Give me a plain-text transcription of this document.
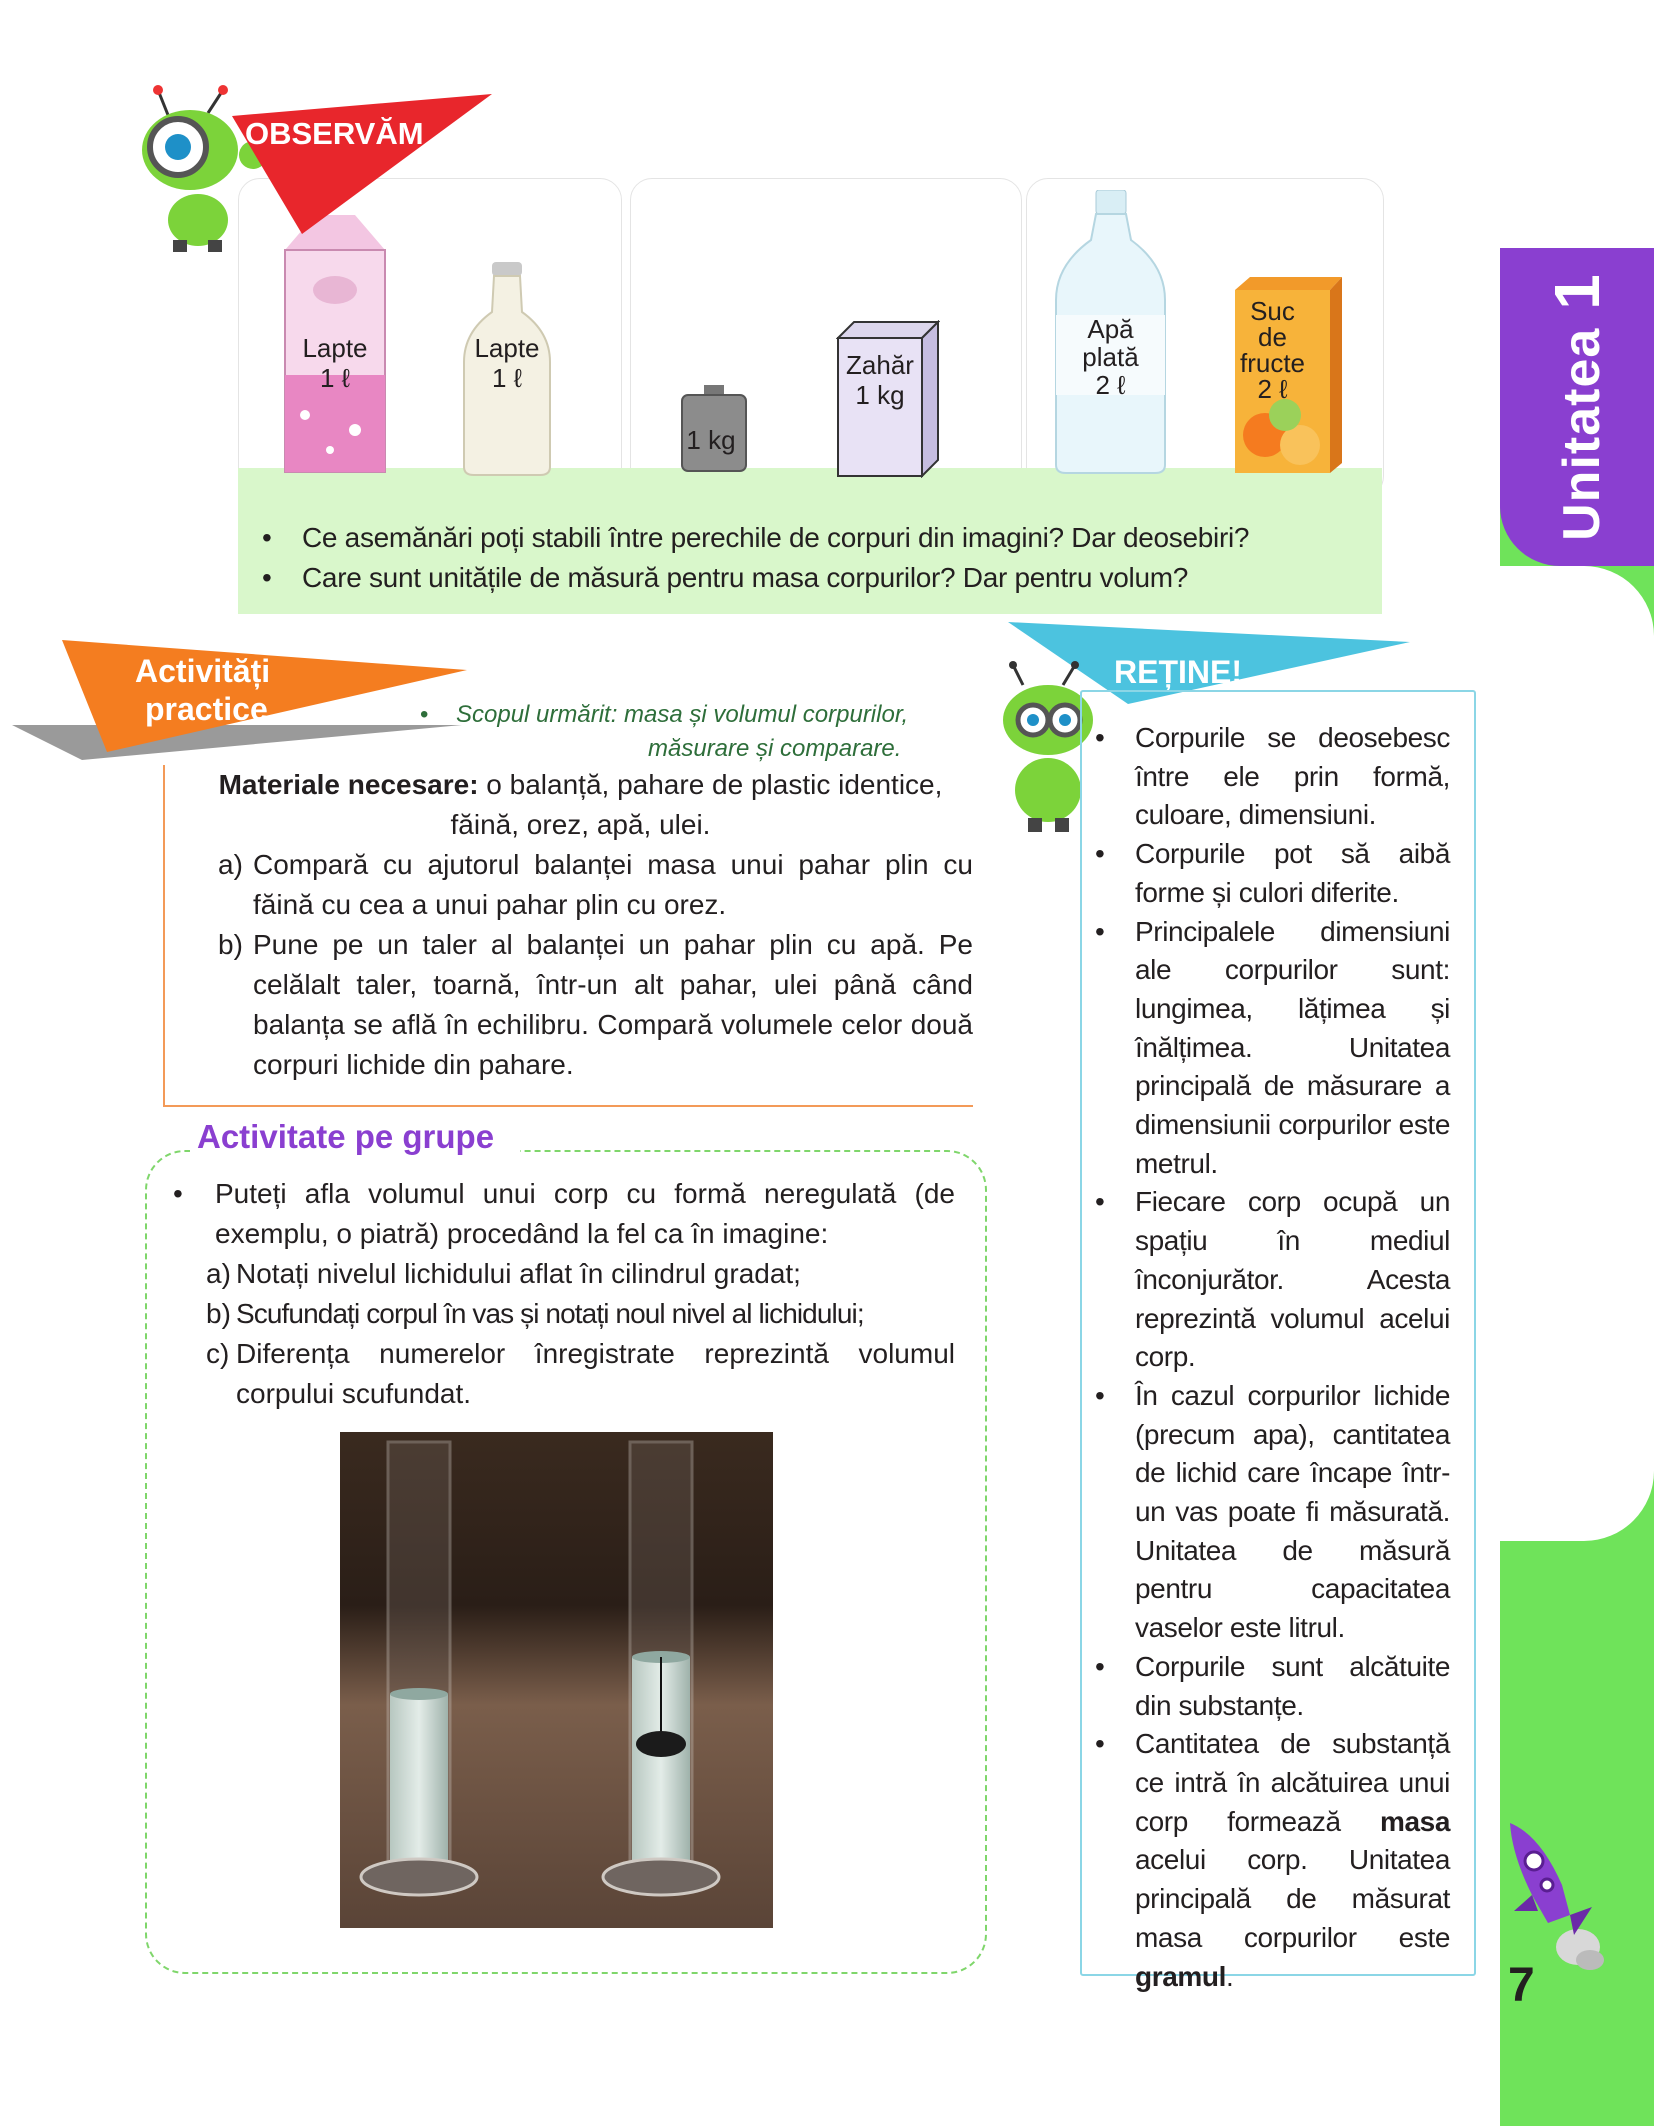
Unitatea1
7
Lapte
1 ℓ
Lapte
1 ℓ
1 kg
Zahăr
1 kg
Apă
plată
2 ℓ
Suc
de
fructe
2 ℓ
OBSERVĂM
• Ce asemănări poți stabili între perechile de corpuri din imagini? Dar deosebiri?
• Care sunt unitățile de măsură pentru masa corpurilor? Dar pentru volum?
Activități
practice
•	Scopul urmărit: masa și volumul corpurilor,
măsurare și comparare.
Materiale necesare: o balanță, pahare de plastic identice,
făină, orez, apă, ulei.
a) Compară cu ajutorul balanței masa unui pahar plin cu făină cu cea a unui pahar plin cu orez.
b) Pune pe un taler al balanței un pahar plin cu apă. Pe celălalt taler, toarnă, într-un alt pahar, ulei până când balanța se află în echilibru. Compară volumele celor două corpuri lichide din pahare.
Activitate pe grupe
• Puteți afla volumul unui corp cu formă neregulată (de exemplu, o piatră) procedând la fel ca în imagine:
a) Notați nivelul lichidului aflat în cilindrul gradat;
b) Scufundați corpul în vas și notați noul nivel al lichidului;
c) Diferența numerelor înregistrate reprezintă volumul corpului scufundat.
REȚINE!
• Corpurile se deosebesc între ele prin formă, culoare, dimensiuni.
• Corpurile pot să aibă forme și culori diferite.
• Principalele dimensiuni ale corpurilor sunt: lungimea, lățimea și înălțimea. Unitatea principală de măsurare a dimensiunii corpurilor este metrul.
• Fiecare corp ocupă un spațiu în mediul înconjurător. Acesta reprezintă volumul acelui corp.
• În cazul corpurilor lichide (precum apa), cantitatea de lichid care încape într-un vas poate fi măsurată. Unitatea de măsură pentru capacitatea vaselor este litrul.
• Corpurile sunt alcătuite din substanțe.
• Cantitatea de substanță ce intră în alcătuirea unui corp formează masa acelui corp. Unitatea principală de măsurat masa corpurilor este gramul.
